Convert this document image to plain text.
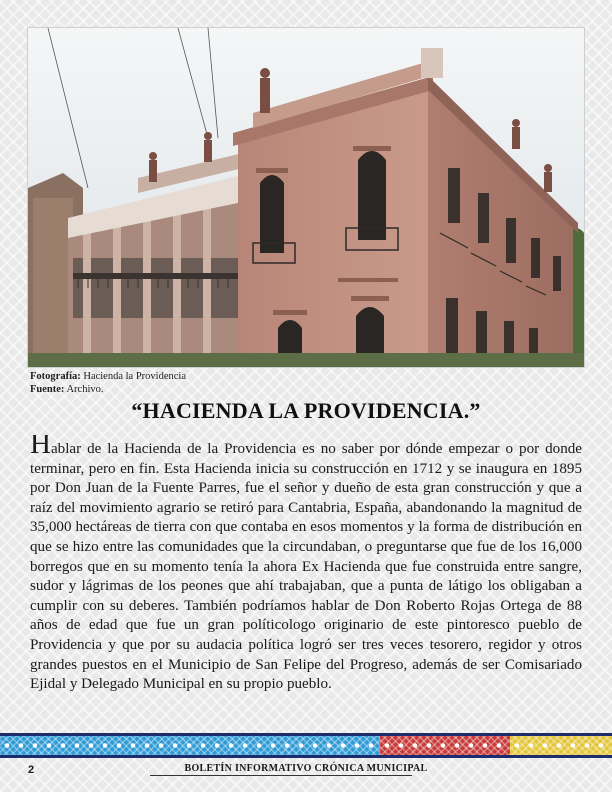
Fotografía: Hacienda la Providencia
Fuente: Archivo.
“HACIENDA LA PROVIDENCIA.”

Hablar de la Hacienda de la Providencia es no saber por dónde empezar o por donde terminar, pero en fin. Esta Hacienda inicia su construcción en 1712 y se inaugura en 1895 por Don Juan de la Fuente Parres, fue el señor y dueño de esta gran construcción y que a raíz del movimiento agrario se retiró para Cantabria, España, abandonando la magnitud de 35,000 hectáreas de tierra con que contaba en esos momentos y la forma de distribución en que se hizo entre las comunidades que la circundaban, o preguntarse que fue de los 16,000 borregos que en su momento tenía la ahora Ex Hacienda que fue construida entre sangre, sudor y lágrimas de los peones que ahí trabajaban, que a punta de látigo los obligaban a cumplir con su deberes. También podríamos hablar de Don Roberto Rojas Ortega de 88 años de edad que fue un gran políticologo originario de este pintoresco pueblo de Providencia y que por su audacia política logró ser tres veces tesorero, regidor y otros grandes puestos en el Municipio de San Felipe del Progreso, además de ser Comisariado Ejidal y Delegado Municipal en su propio pueblo.

2	BOLETÍN INFORMATIVO CRÓNICA MUNICIPAL
